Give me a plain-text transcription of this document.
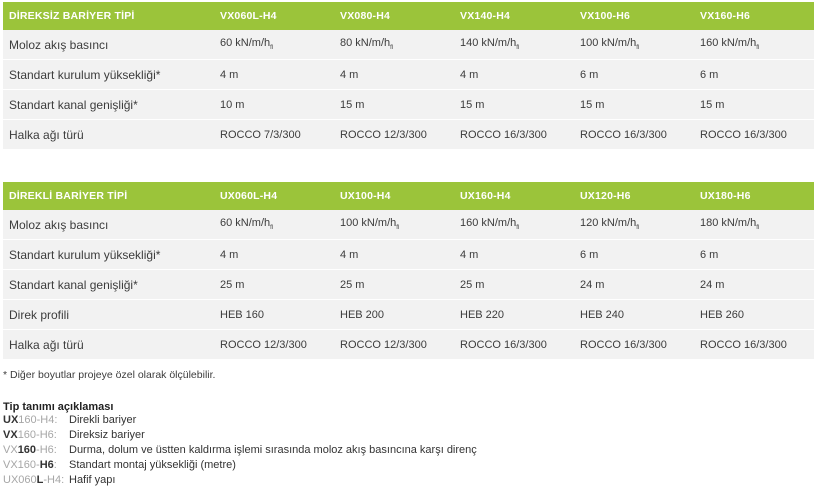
DİREKSİZ BARİYER TİPİ	VX060L-H4	VX080-H4	VX140-H4	VX100-H6	VX160-H6
Moloz akış basıncı	60 $kN/m/h_{fl}$	80 $kN/m/h_{fl}$	140 $kN/m/h_{fl}$	100 $kN/m/h_{fl}$	160 $kN/m/h_{fl}$
Standart kurulum yüksekliği*	4 m	4 m	4 m	6 m	6 m
Standart kanal genişliği*	10 m	15 m	15 m	15 m	15 m
Halka ağı türü	ROCCO 7/3/300	ROCCO 12/3/300	ROCCO 16/3/300	ROCCO 16/3/300	ROCCO 16/3/300
DİREKLİ BARİYER TİPİ	UX060L-H4	UX100-H4	UX160-H4	UX120-H6	UX180-H6
Moloz akış basıncı	60 $kN/m/h_{fl}$	100 $kN/m/h_{fl}$	160 $kN/m/h_{fl}$	120 $kN/m/h_{fl}$	180 $kN/m/h_{fl}$
Standart kurulum yüksekliği*	4 m	4 m	4 m	6 m	6 m
Standart kanal genişliği*	25 m	25 m	25 m	24 m	24 m
Direk profili	HEB 160	HEB 200	HEB 220	HEB 240	HEB 260
Halka ağı türü	ROCCO 12/3/300	ROCCO 12/3/300	ROCCO 16/3/300	ROCCO 16/3/300	ROCCO 16/3/300
* Diğer boyutlar projeye özel olarak ölçülebilir.
Tip tanımı açıklaması
UX160-H4: Direkli bariyer
VX160-H6: Direksiz bariyer
VX160-H6: Durma, dolum ve üstten kaldırma işlemi sırasında moloz akış basıncına karşı direnç
VX160-H6: Standart montaj yüksekliği (metre)
UX060L-H4: Hafif yapı
